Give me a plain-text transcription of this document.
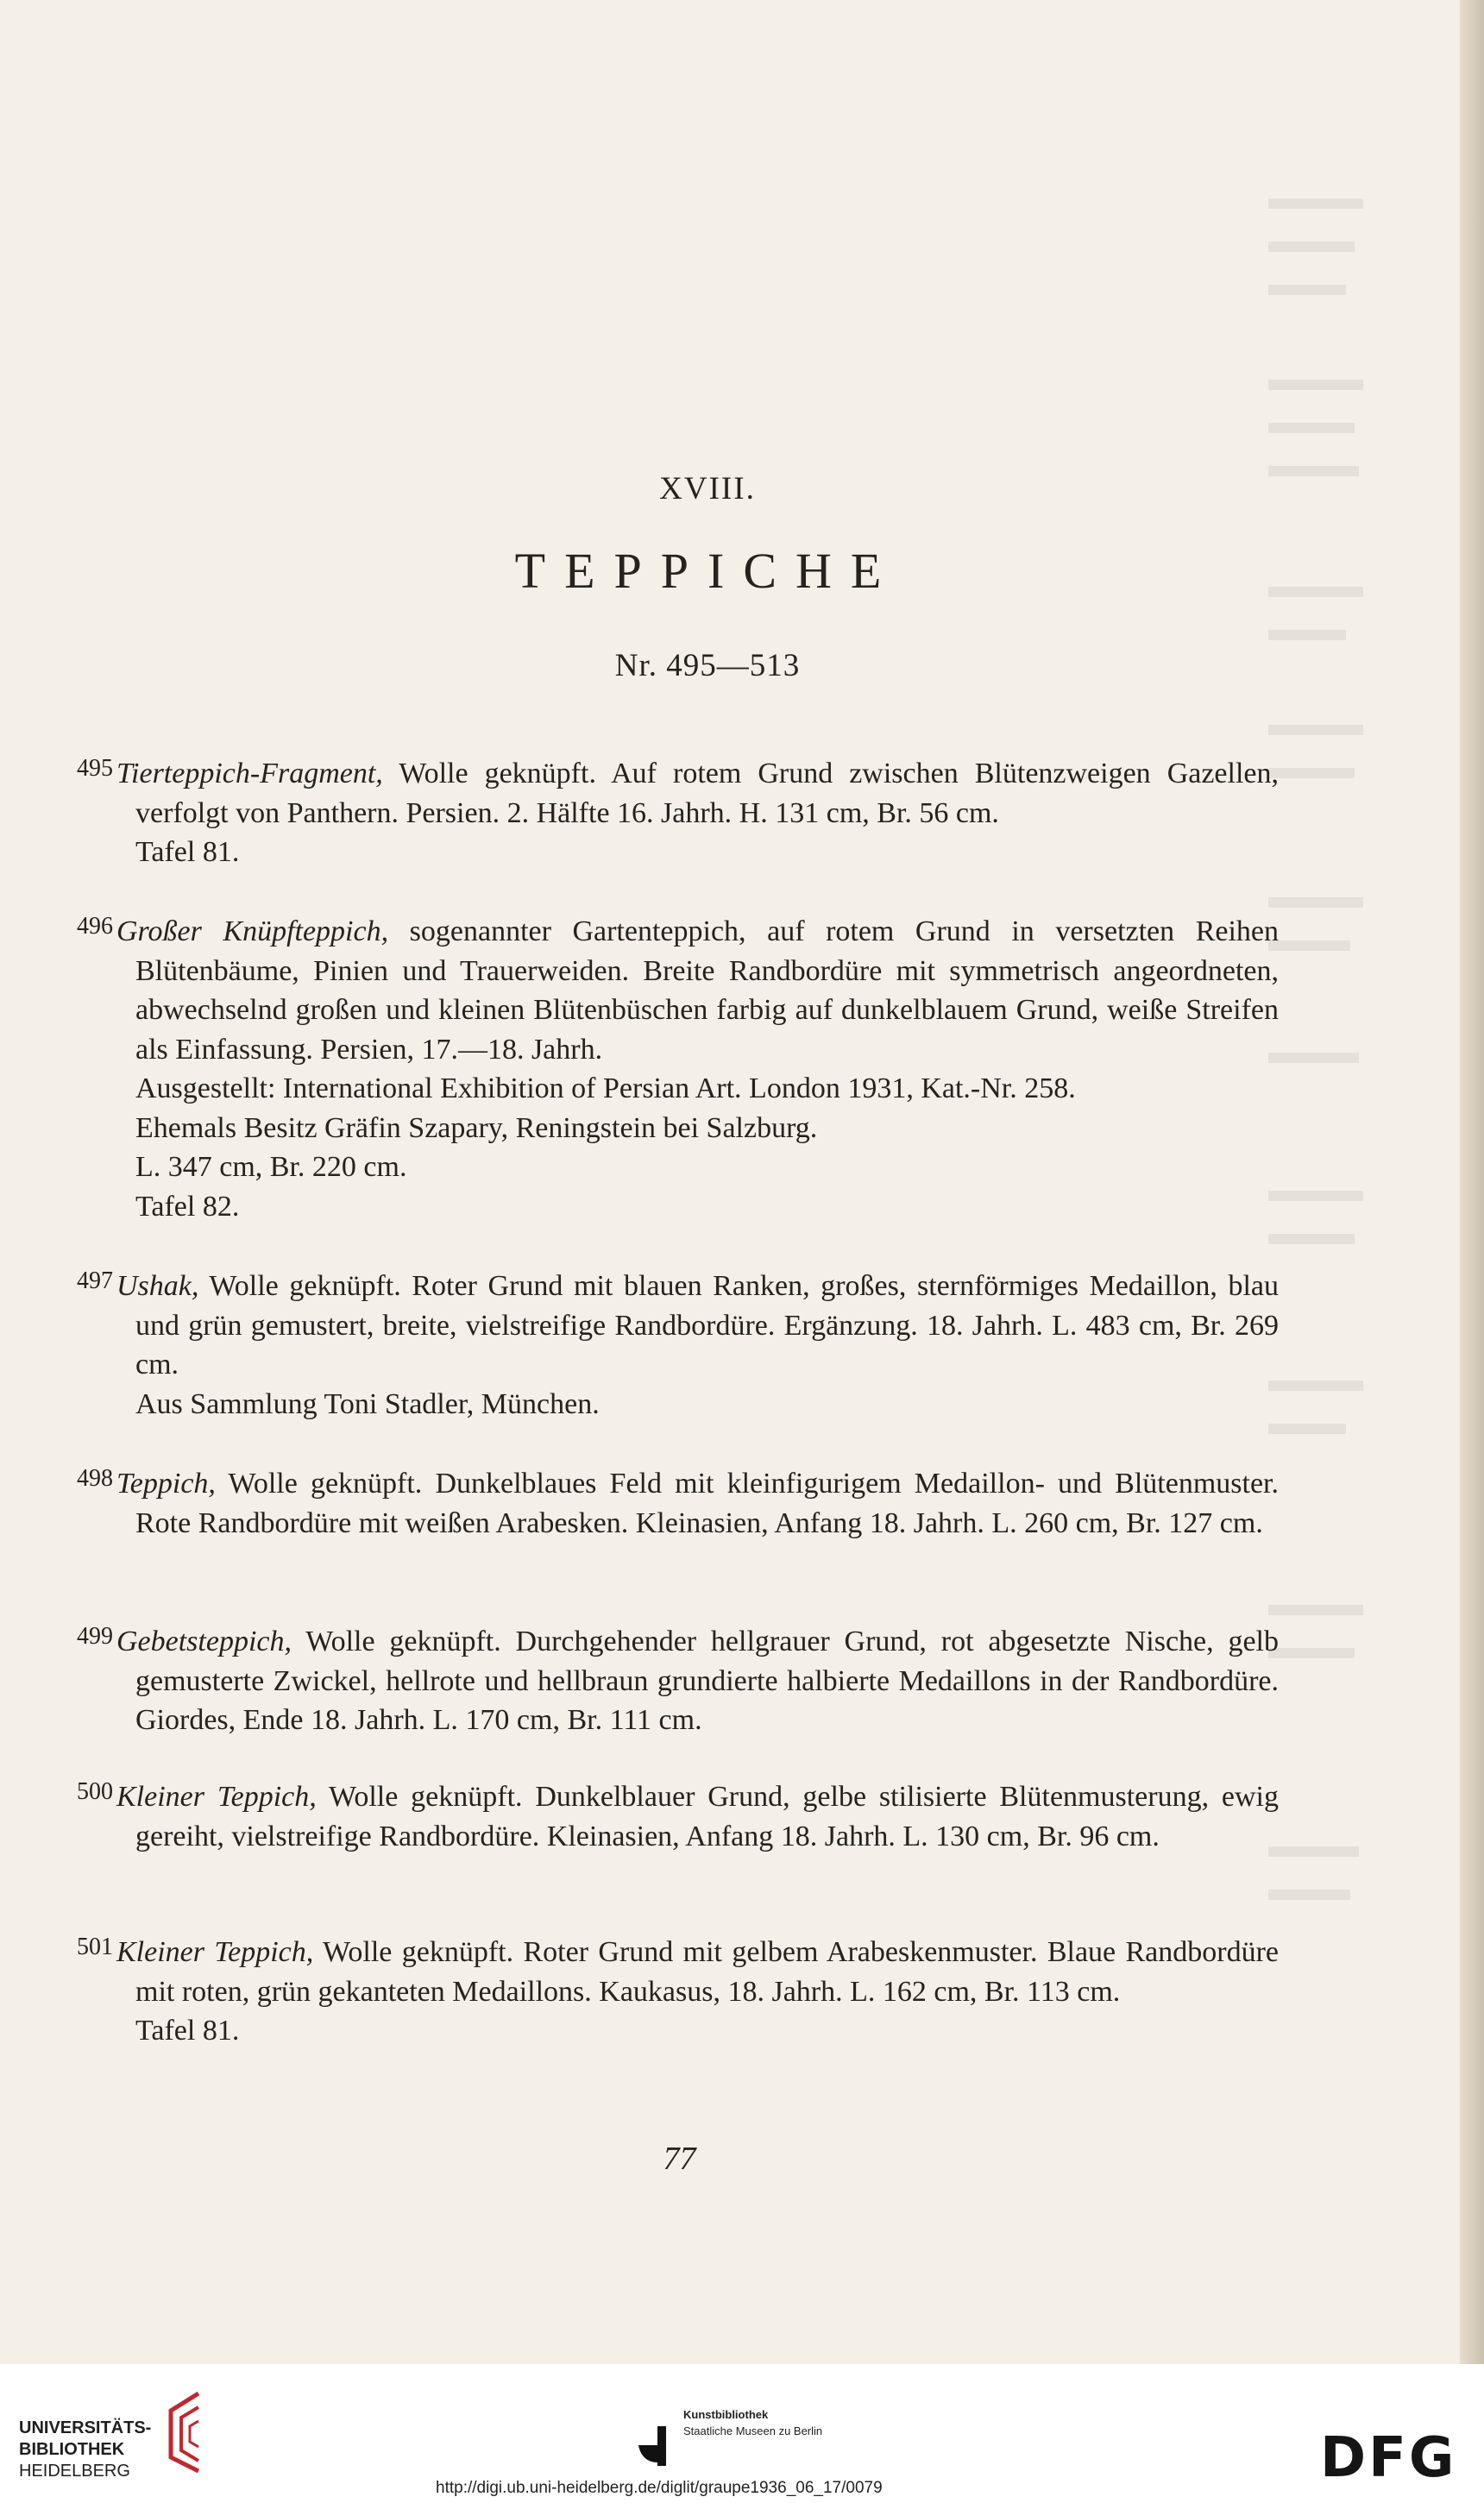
XVIII.
TEPPICHE
Nr. 495—513
495 Tierteppich-Fragment, Wolle geknüpft. Auf rotem Grund zwischen Blütenzweigen Gazellen, verfolgt von Panthern. Persien. 2. Hälfte 16. Jahrh. H. 131 cm, Br. 56 cm.

Tafel 81.

496 Großer Knüpfteppich, sogenannter Gartenteppich, auf rotem Grund in versetzten Reihen Blütenbäume, Pinien und Trauerweiden. Breite Randbordüre mit symmetrisch angeordneten, abwechselnd großen und kleinen Blütenbüschen farbig auf dunkelblauem Grund, weiße Streifen als Einfassung. Persien, 17.—18. Jahrh.

Ausgestellt: International Exhibition of Persian Art. London 1931, Kat.-Nr. 258.

Ehemals Besitz Gräfin Szapary, Reningstein bei Salzburg.

L. 347 cm, Br. 220 cm.

Tafel 82.

497 Ushak, Wolle geknüpft. Roter Grund mit blauen Ranken, großes, sternförmiges Medaillon, blau und grün gemustert, breite, vielstreifige Randbordüre. Ergänzung. 18. Jahrh. L. 483 cm, Br. 269 cm.

Aus Sammlung Toni Stadler, München.

498 Teppich, Wolle geknüpft. Dunkelblaues Feld mit kleinfigurigem Medaillon- und Blütenmuster. Rote Randbordüre mit weißen Arabesken. Kleinasien, Anfang 18. Jahrh. L. 260 cm, Br. 127 cm.

499 Gebetsteppich, Wolle geknüpft. Durchgehender hellgrauer Grund, rot abgesetzte Nische, gelb gemusterte Zwickel, hellrote und hellbraun grundierte halbierte Medaillons in der Randbordüre. Giordes, Ende 18. Jahrh. L. 170 cm, Br. 111 cm.

500 Kleiner Teppich, Wolle geknüpft. Dunkelblauer Grund, gelbe stilisierte Blütenmusterung, ewig gereiht, vielstreifige Randbordüre. Kleinasien, Anfang 18. Jahrh. L. 130 cm, Br. 96 cm.

501 Kleiner Teppich, Wolle geknüpft. Roter Grund mit gelbem Arabeskenmuster. Blaue Randbordüre mit roten, grün gekanteten Medaillons. Kaukasus, 18. Jahrh. L. 162 cm, Br. 113 cm.

Tafel 81.

77
UNIVERSITÄTS-
BIBLIOTHEK
HEIDELBERG
Kunstbibliothek
Staatliche Museen zu Berlin	DFG
http://digi.ub.uni-heidelberg.de/diglit/graupe1936_06_17/0079
